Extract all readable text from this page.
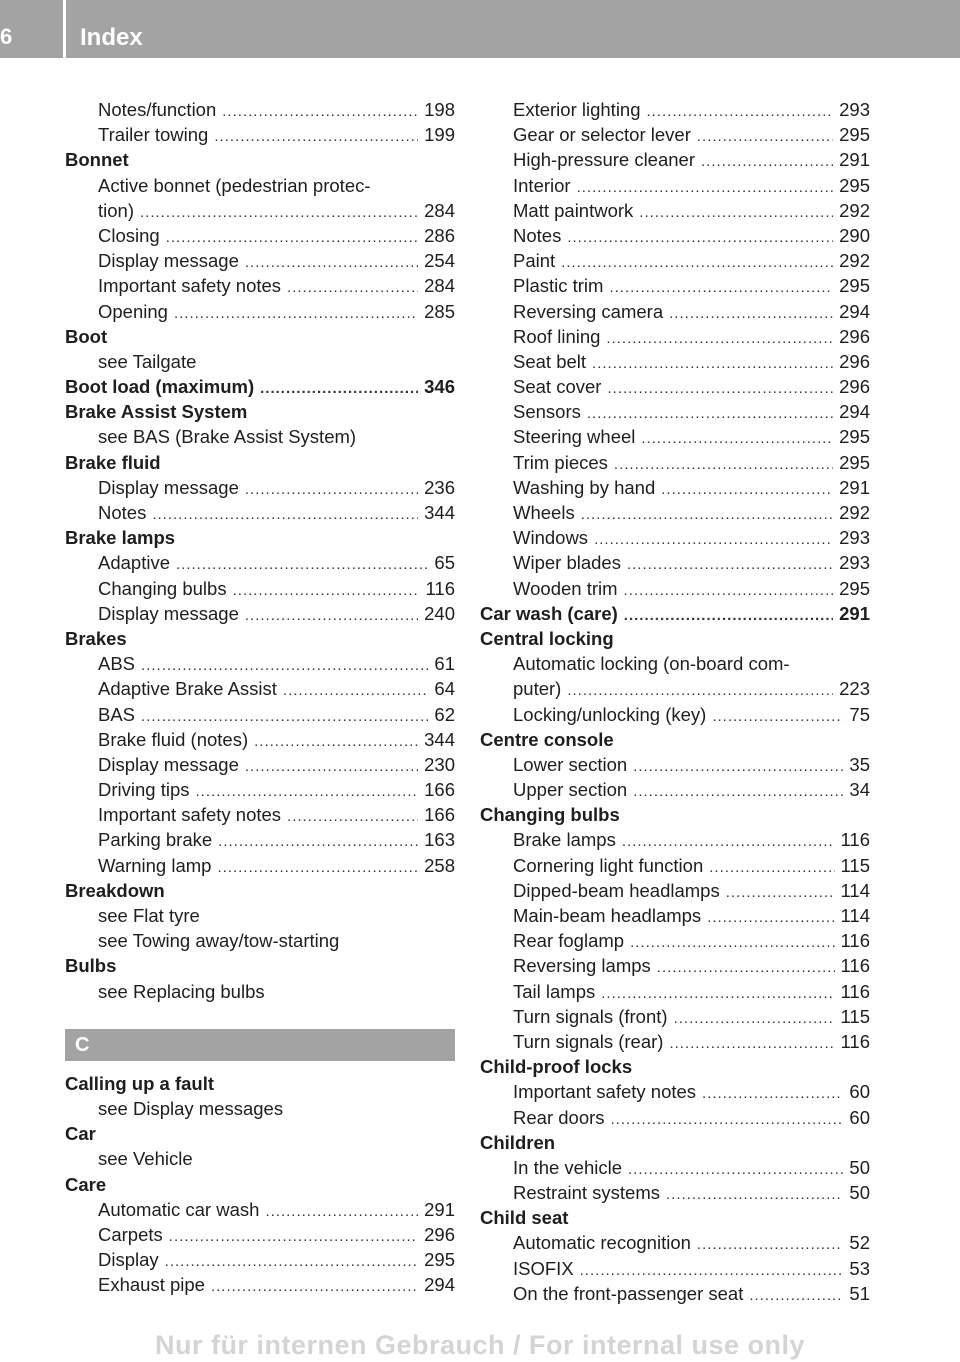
6	Index
Notes/function .....	198
Trailer towing .....	199
Bonnet
Active bonnet (pedestrian protec-
tion) .....	284
Closing .....	286
Display message .....	254
Important safety notes .....	284
Opening .....	285
Boot
see Tailgate
Boot load (maximum) .....	346
Brake Assist System
see BAS (Brake Assist System)
Brake fluid
Display message .....	236
Notes .....	344
Brake lamps
Adaptive .....	65
Changing bulbs .....	116
Display message .....	240
Brakes
ABS .....	61
Adaptive Brake Assist .....	64
BAS .....	62
Brake fluid (notes) .....	344
Display message .....	230
Driving tips .....	166
Important safety notes .....	166
Parking brake .....	163
Warning lamp .....	258
Breakdown
see Flat tyre
see Towing away/tow-starting
Bulbs
see Replacing bulbs
C
Calling up a fault
see Display messages
Car
see Vehicle
Care
Automatic car wash .....	291
Carpets .....	296
Display .....	295
Exhaust pipe .....	294
Exterior lighting .....	293
Gear or selector lever .....	295
High-pressure cleaner .....	291
Interior .....	295
Matt paintwork .....	292
Notes .....	290
Paint .....	292
Plastic trim .....	295
Reversing camera .....	294
Roof lining .....	296
Seat belt .....	296
Seat cover .....	296
Sensors .....	294
Steering wheel .....	295
Trim pieces .....	295
Washing by hand .....	291
Wheels .....	292
Windows .....	293
Wiper blades .....	293
Wooden trim .....	295
Car wash (care) .....	291
Central locking
Automatic locking (on-board com-
puter) .....	223
Locking/unlocking (key) .....	75
Centre console
Lower section .....	35
Upper section .....	34
Changing bulbs
Brake lamps .....	116
Cornering light function .....	115
Dipped-beam headlamps .....	114
Main-beam headlamps .....	114
Rear foglamp .....	116
Reversing lamps .....	116
Tail lamps .....	116
Turn signals (front) .....	115
Turn signals (rear) .....	116
Child-proof locks
Important safety notes .....	60
Rear doors .....	60
Children
In the vehicle .....	50
Restraint systems .....	50
Child seat
Automatic recognition .....	52
ISOFIX .....	53
On the front-passenger seat .....	51
Nur für internen Gebrauch / For internal use only
